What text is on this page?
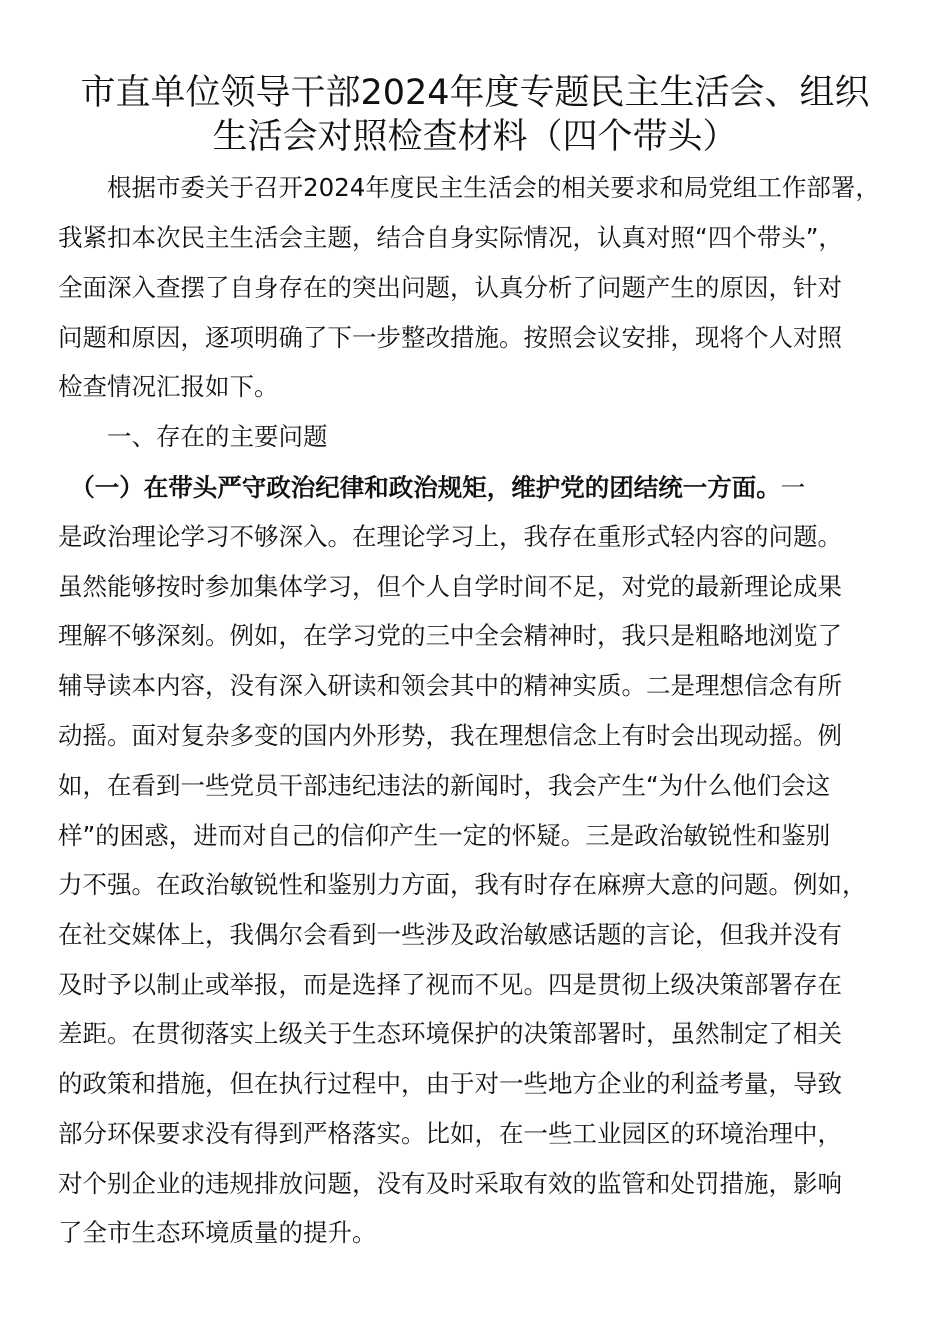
市直单位领导干部2024年度专题民主生活会、组织
生活会对照检查材料（四个带头）

　　根据市委关于召开2024年度民主生活会的相关要求和局党组工作部署，

我紧扣本次民主生活会主题，结合自身实际情况，认真对照“四个带头”，

全面深入查摆了自身存在的突出问题，认真分析了问题产生的原因，针对

问题和原因，逐项明确了下一步整改措施。按照会议安排，现将个人对照

检查情况汇报如下。

　　一、存在的主要问题

　（一）在带头严守政治纪律和政治规矩，维护党的团结统一方面。一

是政治理论学习不够深入。在理论学习上，我存在重形式轻内容的问题。

虽然能够按时参加集体学习，但个人自学时间不足，对党的最新理论成果

理解不够深刻。例如，在学习党的三中全会精神时，我只是粗略地浏览了

辅导读本内容，没有深入研读和领会其中的精神实质。二是理想信念有所

动摇。面对复杂多变的国内外形势，我在理想信念上有时会出现动摇。例

如，在看到一些党员干部违纪违法的新闻时，我会产生“为什么他们会这

样”的困惑，进而对自己的信仰产生一定的怀疑。三是政治敏锐性和鉴别

力不强。在政治敏锐性和鉴别力方面，我有时存在麻痹大意的问题。例如，

在社交媒体上，我偶尔会看到一些涉及政治敏感话题的言论，但我并没有

及时予以制止或举报，而是选择了视而不见。四是贯彻上级决策部署存在

差距。在贯彻落实上级关于生态环境保护的决策部署时，虽然制定了相关

的政策和措施，但在执行过程中，由于对一些地方企业的利益考量，导致

部分环保要求没有得到严格落实。比如，在一些工业园区的环境治理中，

对个别企业的违规排放问题，没有及时采取有效的监管和处罚措施，影响

了全市生态环境质量的提升。
